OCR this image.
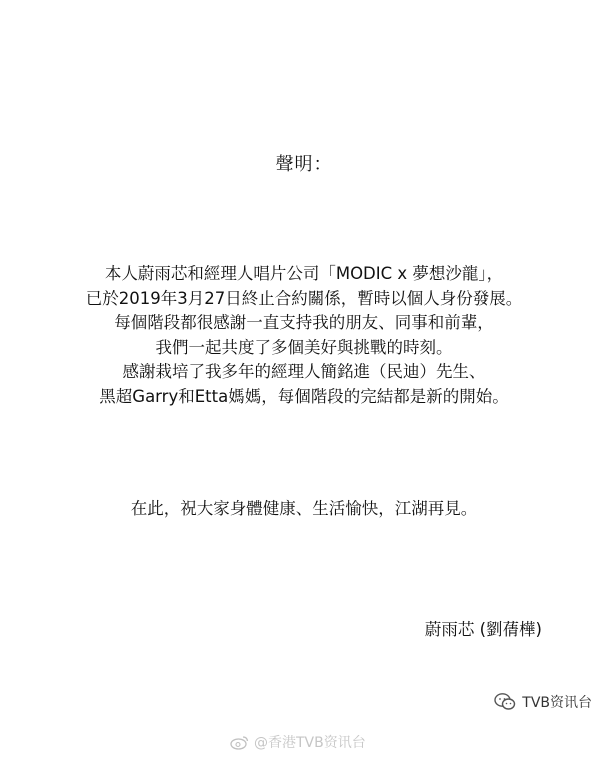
聲明：
本人蔚雨芯和經理人唱片公司「MODIC x 夢想沙龍」，
已於2019年3月27日終止合約關係，暫時以個人身份發展。
每個階段都很感謝一直支持我的朋友、同事和前輩，
我們一起共度了多個美好與挑戰的時刻。
感謝栽培了我多年的經理人簡銘進（民迪）先生、
黑超Garry和Etta媽媽，每個階段的完結都是新的開始。
在此，祝大家身體健康、生活愉快，江湖再見。
蔚雨芯 (劉蒨樺)
TVB资讯台
@香港TVB资讯台
